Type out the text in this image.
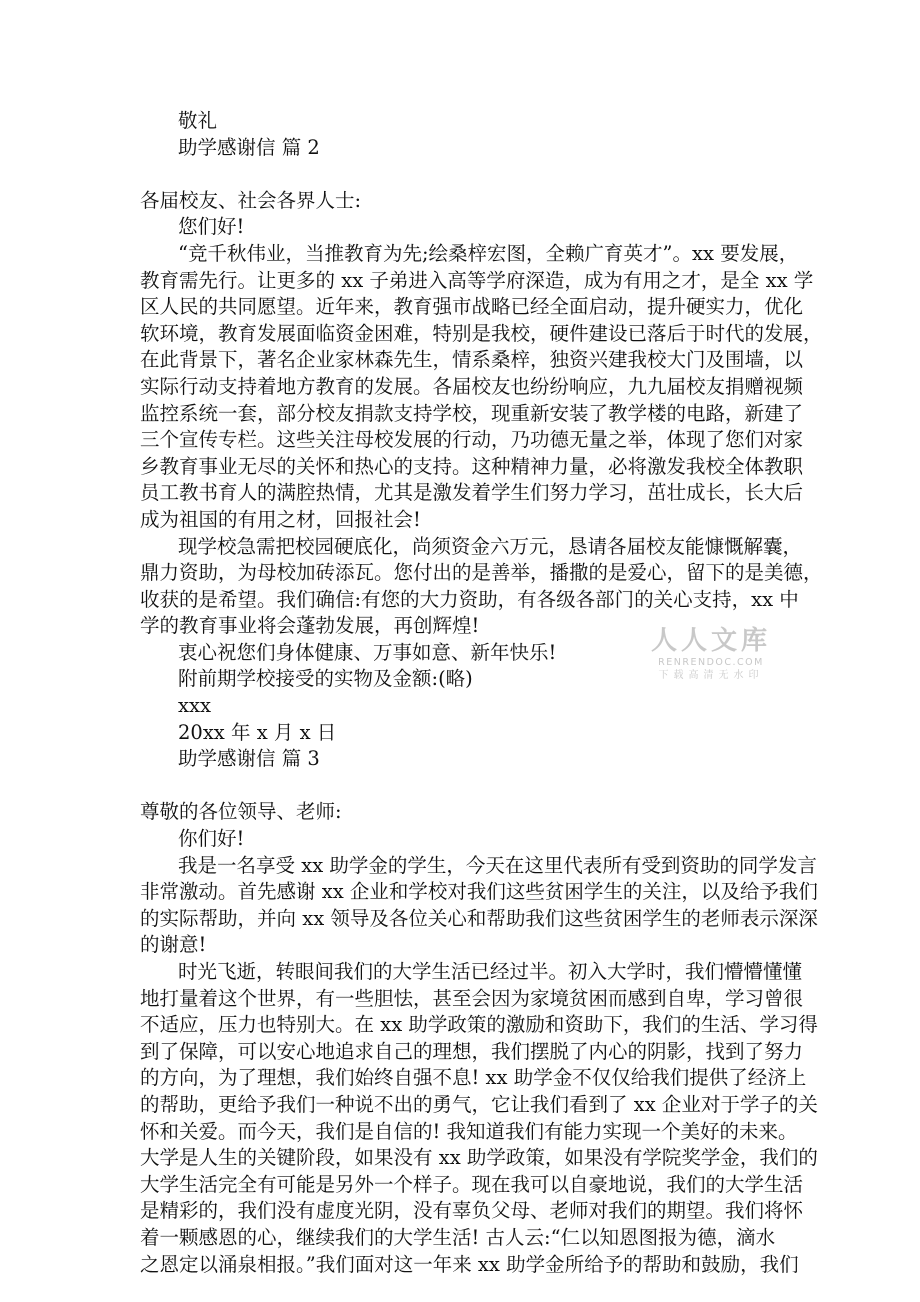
敬礼
助学感谢信 篇 2
各届校友、社会各界人士:
您们好!
“竞千秋伟业，当推教育为先;绘桑梓宏图，全赖广育英才”。xx 要发展，
教育需先行。让更多的 xx 子弟进入高等学府深造，成为有用之才，是全 xx 学
区人民的共同愿望。近年来，教育强市战略已经全面启动，提升硬实力，优化
软环境，教育发展面临资金困难，特别是我校，硬件建设已落后于时代的发展，
在此背景下，著名企业家林森先生，情系桑梓，独资兴建我校大门及围墙，以
实际行动支持着地方教育的发展。各届校友也纷纷响应，九九届校友捐赠视频
监控系统一套，部分校友捐款支持学校，现重新安装了教学楼的电路，新建了
三个宣传专栏。这些关注母校发展的行动，乃功德无量之举，体现了您们对家
乡教育事业无尽的关怀和热心的支持。这种精神力量，必将激发我校全体教职
员工教书育人的满腔热情，尤其是激发着学生们努力学习，茁壮成长，长大后
成为祖国的有用之材，回报社会!
现学校急需把校园硬底化，尚须资金六万元，恳请各届校友能慷慨解囊，
鼎力资助，为母校加砖添瓦。您付出的是善举，播撒的是爱心，留下的是美德，
收获的是希望。我们确信:有您的大力资助，有各级各部门的关心支持，xx 中
学的教育事业将会蓬勃发展，再创辉煌!
衷心祝您们身体健康、万事如意、新年快乐!
附前期学校接受的实物及金额:(略)
xxx
20xx 年 x 月 x 日
助学感谢信 篇 3
尊敬的各位领导、老师:
你们好!
我是一名享受 xx 助学金的学生，今天在这里代表所有受到资助的同学发言
非常激动。首先感谢 xx 企业和学校对我们这些贫困学生的关注，以及给予我们
的实际帮助，并向 xx 领导及各位关心和帮助我们这些贫困学生的老师表示深深
的谢意!
时光飞逝，转眼间我们的大学生活已经过半。初入大学时，我们懵懵懂懂
地打量着这个世界，有一些胆怯，甚至会因为家境贫困而感到自卑，学习曾很
不适应，压力也特别大。在 xx 助学政策的激励和资助下，我们的生活、学习得
到了保障，可以安心地追求自己的理想，我们摆脱了内心的阴影，找到了努力
的方向，为了理想，我们始终自强不息! xx 助学金不仅仅给我们提供了经济上
的帮助，更给予我们一种说不出的勇气，它让我们看到了 xx 企业对于学子的关
怀和关爱。而今天，我们是自信的! 我知道我们有能力实现一个美好的未来。
大学是人生的关键阶段，如果没有 xx 助学政策，如果没有学院奖学金，我们的
大学生活完全有可能是另外一个样子。现在我可以自豪地说，我们的大学生活
是精彩的，我们没有虚度光阴，没有辜负父母、老师对我们的期望。我们将怀
着一颗感恩的心，继续我们的大学生活! 古人云:“仁以知恩图报为德，滴水
之恩定以涌泉相报。”我们面对这一年来 xx 助学金所给予的帮助和鼓励，我们
人人文库
RENRENDOC.COM
下载高清无水印
